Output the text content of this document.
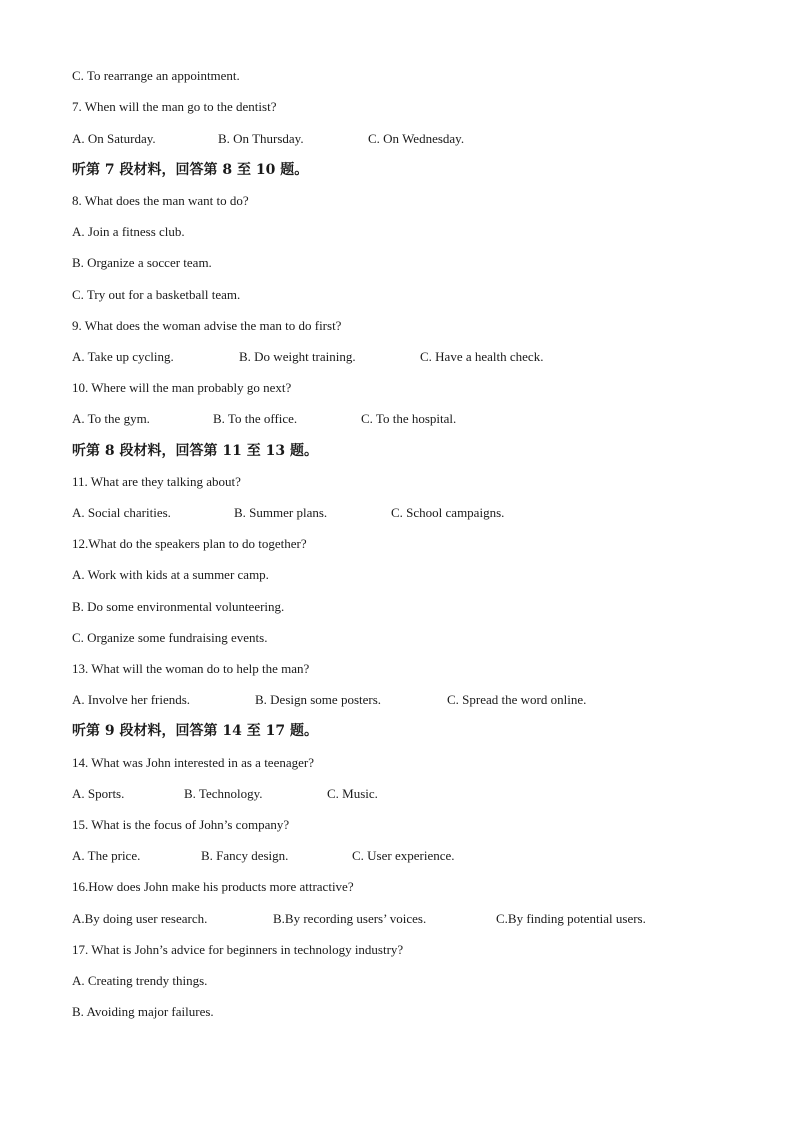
C. To rearrange an appointment.
7. When will the man go to the dentist?
A. On Saturday.	B. On Thursday.	C. On Wednesday.
听第 7 段材料，回答第 8 至 10 题。
8. What does the man want to do?
A. Join a fitness club.
B. Organize a soccer team.
C. Try out for a basketball team.
9. What does the woman advise the man to do first?
A. Take up cycling.	B. Do weight training.	C. Have a health check.
10. Where will the man probably go next?
A. To the gym.	B. To the office.	C. To the hospital.
听第 8 段材料，回答第 11 至 13 题。
11. What are they talking about?
A. Social charities.	B. Summer plans.	C. School campaigns.
12.What do the speakers plan to do together?
A. Work with kids at a summer camp.
B. Do some environmental volunteering.
C. Organize some fundraising events.
13. What will the woman do to help the man?
A. Involve her friends.	B. Design some posters.	C. Spread the word online.
听第 9 段材料，回答第 14 至 17 题。
14. What was John interested in as a teenager?
A. Sports.	B. Technology.	C. Music.
15. What is the focus of John’s company?
A. The price.	B. Fancy design.	C. User experience.
16.How does John make his products more attractive?
A.By doing user research.	B.By recording users’ voices.	C.By finding potential users.
17. What is John’s advice for beginners in technology industry?
A. Creating trendy things.
B. Avoiding major failures.
